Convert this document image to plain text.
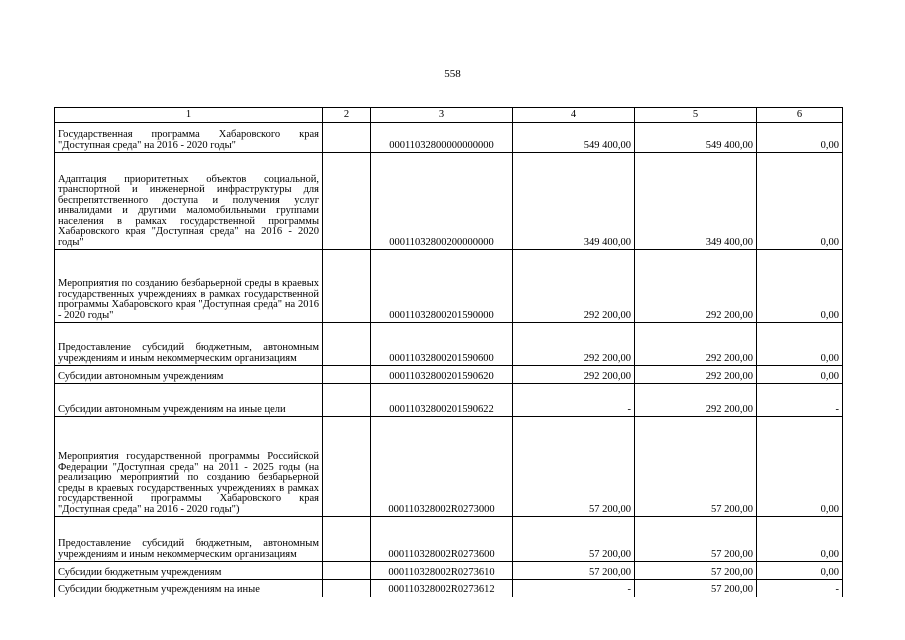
558
1	2	3	4	5	6
Государственная программа Хабаровского края "Доступная среда" на 2016 - 2020 годы"		00011032800000000000	549 400,00	549 400,00	0,00
Адаптация приоритетных объектов социальной, транспортной и инженерной инфраструктуры для беспрепятственного доступа и получения услуг инвалидами и другими маломобильными группами населения в рамках государственной программы Хабаровского края "Доступная среда" на 2016 - 2020 годы"		00011032800200000000	349 400,00	349 400,00	0,00
Мероприятия по созданию безбарьерной среды в краевых государственных учреждениях в рамках государственной программы Хабаровского края "Доступная среда" на 2016 - 2020 годы"		00011032800201590000	292 200,00	292 200,00	0,00
Предоставление субсидий бюджетным, автономным учреждениям и иным некоммерческим организациям		00011032800201590600	292 200,00	292 200,00	0,00
Субсидии автономным учреждениям		00011032800201590620	292 200,00	292 200,00	0,00
Субсидии автономным учреждениям на иные цели		00011032800201590622	-	292 200,00	-
Мероприятия государственной программы Российской Федерации "Доступная среда" на 2011 - 2025 годы (на реализацию мероприятий по созданию безбарьерной среды в краевых государственных учреждениях в рамках государственной программы Хабаровского края "Доступная среда" на 2016 - 2020 годы")		000110328002R0273000	57 200,00	57 200,00	0,00
Предоставление субсидий бюджетным, автономным учреждениям и иным некоммерческим организациям		000110328002R0273600	57 200,00	57 200,00	0,00
Субсидии бюджетным учреждениям		000110328002R0273610	57 200,00	57 200,00	0,00
Субсидии бюджетным учреждениям на иные		000110328002R0273612	-	57 200,00	-
